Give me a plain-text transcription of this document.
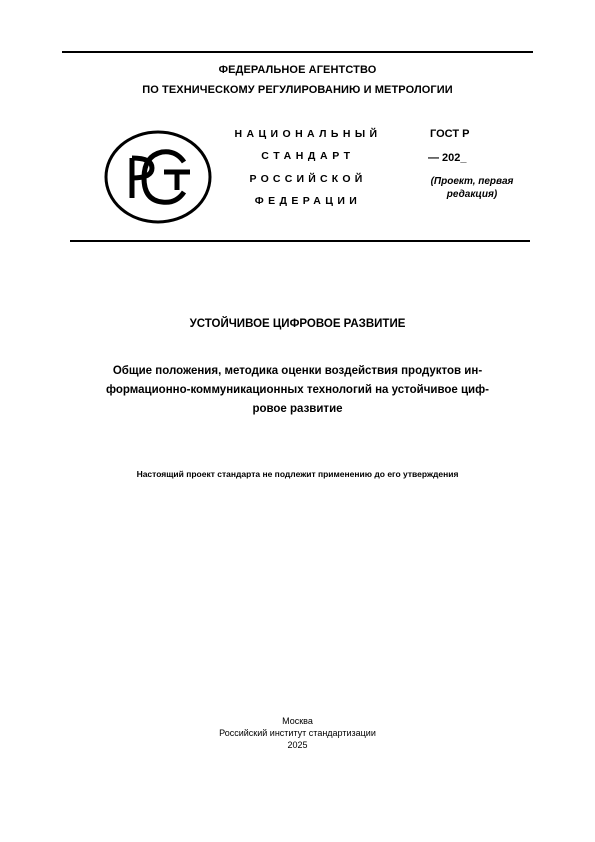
ФЕДЕРАЛЬНОЕ АГЕНТСТВО
ПО ТЕХНИЧЕСКОМУ РЕГУЛИРОВАНИЮ И МЕТРОЛОГИИ
НАЦИОНАЛЬНЫЙ
СТАНДАРТ
РОССИЙСКОЙ
ФЕДЕРАЦИИ
ГОСТ Р
— 202_
(Проект, первая
редакция)
УСТОЙЧИВОЕ ЦИФРОВОЕ РАЗВИТИЕ
Общие положения, методика оценки воздействия продуктов ин-
формационно-коммуникационных технологий на устойчивое циф-
ровое развитие
Настоящий проект стандарта не подлежит применению до его утверждения
Москва
Российский институт стандартизации
2025
